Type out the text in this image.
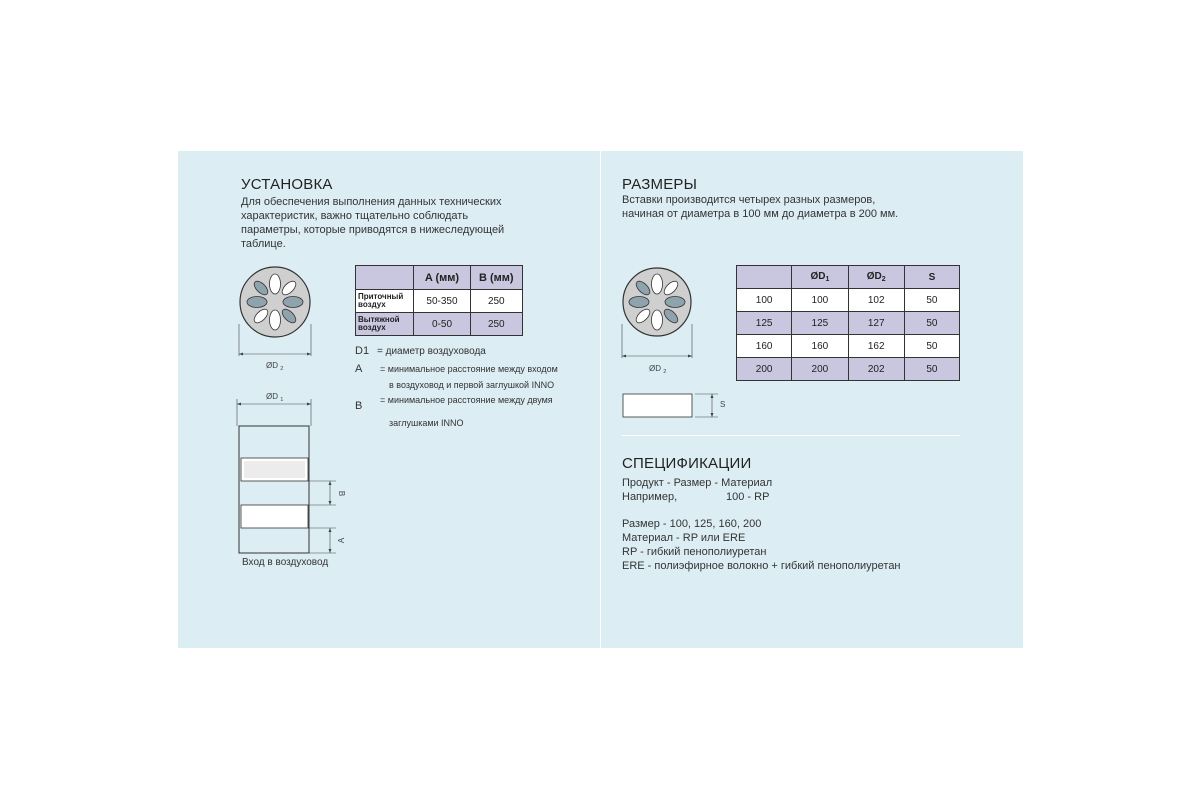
УСТАНОВКА
Для обеспечения выполнения данных технических
характеристик, важно тщательно соблюдать
параметры, которые приводятся в нижеследующей
таблице.
ØD $_2$
ØD $_1$
B
A
Вход в воздуховод
	A (мм)	B (мм)

Приточный
воздух	50-350	250

Вытяжной
воздух	0-50	250
D1 = диаметр воздуховода
A = минимальное расстояние между входом
в воздуховод и первой заглушкой INNO
B = минимальное расстояние между двумя
заглушками INNO
РАЗМЕРЫ
Вставки производится четырех разных размеров,
начиная от диаметра в 100 мм до диаметра в 200 мм.
ØD $_2$
S
	$ØD_1$	$ØD_2$	S
100	100	102	50
125	125	127	50
160	160	162	50
200	200	202	50
СПЕЦИФИКАЦИИ
Продукт - Размер - Материал
Например,	100 - RP
Размер - 100, 125, 160, 200
Материал - RP или ERE
RP - гибкий пенополиуретан
ERE - полиэфирное волокно + гибкий пенополиуретан
